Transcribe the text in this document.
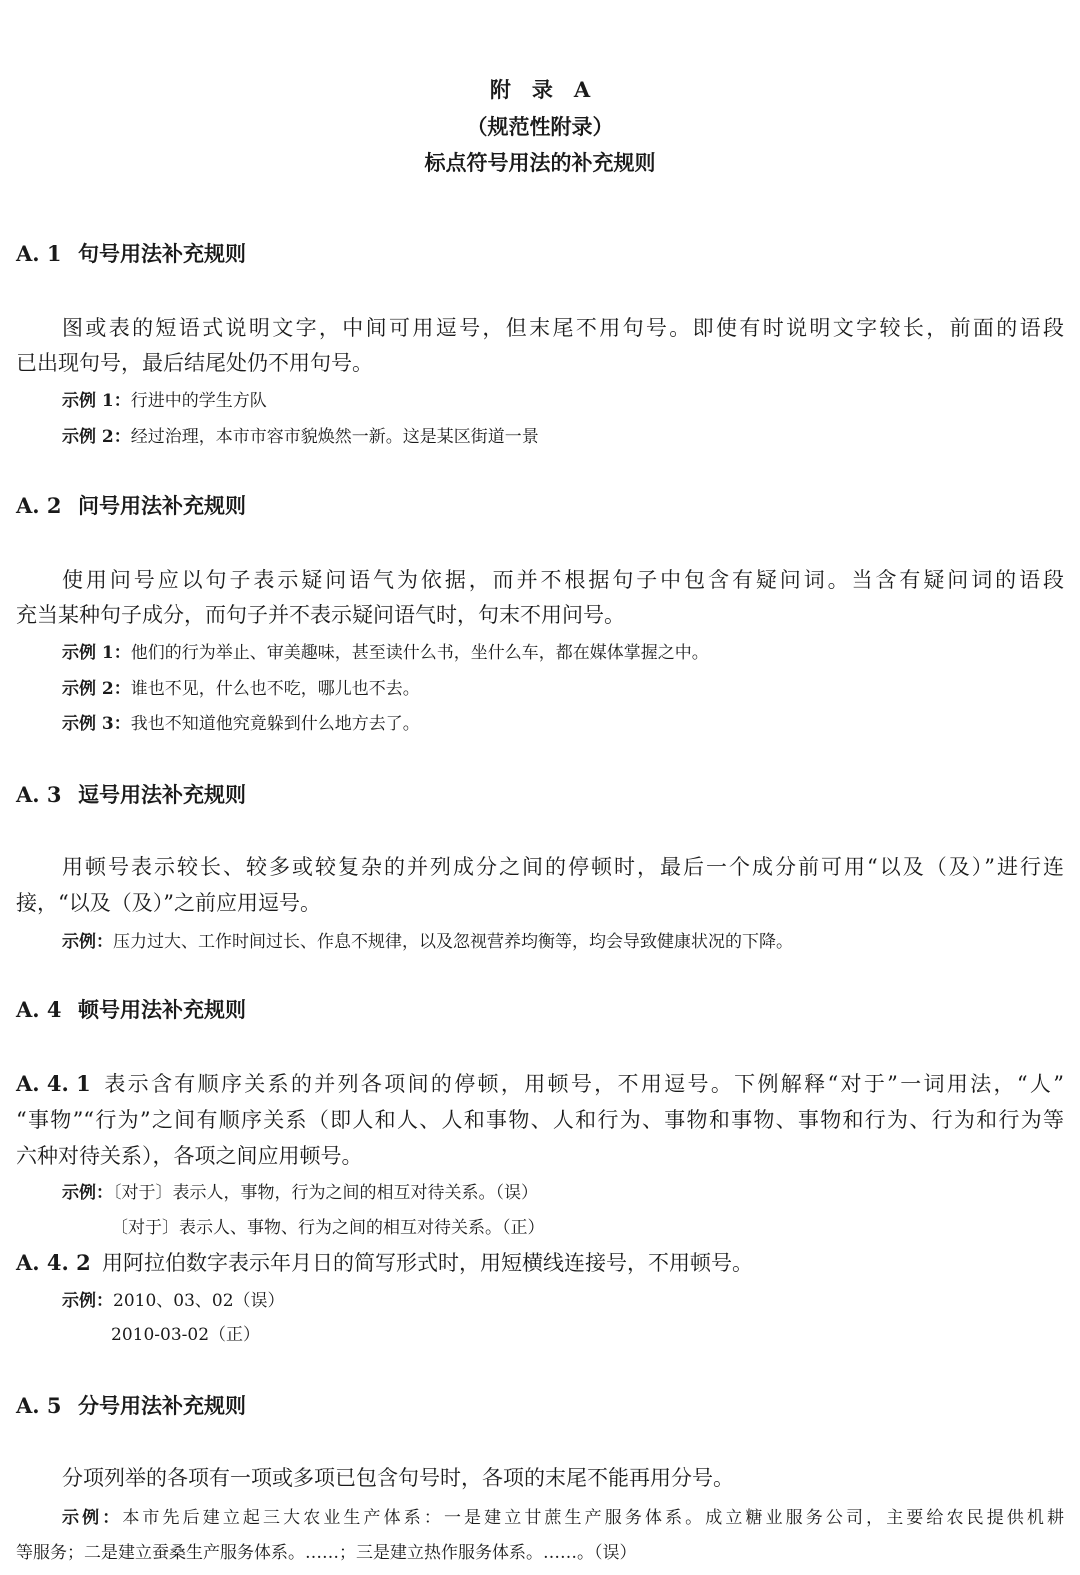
附　录　A
（规范性附录）
标点符号用法的补充规则
A. 1 句号用法补充规则
图或表的短语式说明文字，中间可用逗号，但末尾不用句号。即使有时说明文字较长，前面的语段
已出现句号，最后结尾处仍不用句号。
示例 1：行进中的学生方队
示例 2：经过治理，本市市容市貌焕然一新。这是某区街道一景
A. 2 问号用法补充规则
使用问号应以句子表示疑问语气为依据，而并不根据句子中包含有疑问词。当含有疑问词的语段
充当某种句子成分，而句子并不表示疑问语气时，句末不用问号。
示例 1：他们的行为举止、审美趣味，甚至读什么书，坐什么车，都在媒体掌握之中。
示例 2：谁也不见，什么也不吃，哪儿也不去。
示例 3：我也不知道他究竟躲到什么地方去了。
A. 3 逗号用法补充规则
用顿号表示较长、较多或较复杂的并列成分之间的停顿时，最后一个成分前可用“以及（及）”进行连
接，“以及（及）”之前应用逗号。
示例：压力过大、工作时间过长、作息不规律，以及忽视营养均衡等，均会导致健康状况的下降。
A. 4 顿号用法补充规则
A. 4. 1 表示含有顺序关系的并列各项间的停顿，用顿号，不用逗号。下例解释“对于”一词用法，“人”
“事物”“行为”之间有顺序关系（即人和人、人和事物、人和行为、事物和事物、事物和行为、行为和行为等
六种对待关系），各项之间应用顿号。
示例：〔对于〕表示人，事物，行为之间的相互对待关系。（误）
〔对于〕表示人、事物、行为之间的相互对待关系。（正）
A. 4. 2 用阿拉伯数字表示年月日的简写形式时，用短横线连接号，不用顿号。
示例：2010、03、02（误）
2010-03-02（正）
A. 5 分号用法补充规则
分项列举的各项有一项或多项已包含句号时，各项的末尾不能再用分号。
示例：本市先后建立起三大农业生产体系：一是建立甘蔗生产服务体系。成立糖业服务公司，主要给农民提供机耕
等服务；二是建立蚕桑生产服务体系。……；三是建立热作服务体系。……。（误）
